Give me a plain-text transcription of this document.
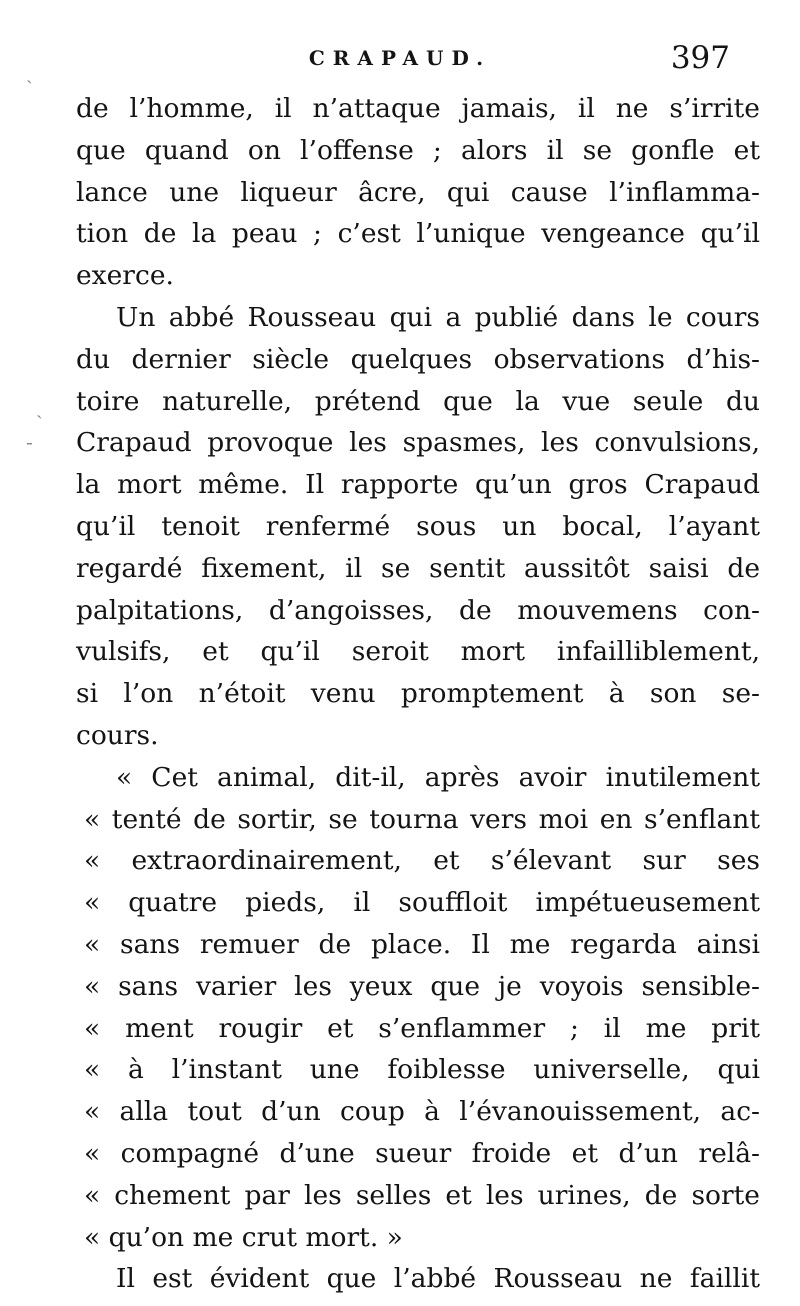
CRAPAUD.	397
de l’homme, il n’attaque jamais, il ne s’irrite
que quand on l’offense ; alors il se gonfle et
lance une liqueur âcre, qui cause l’inflamma-
tion de la peau ; c’est l’unique vengeance qu’il
exerce.
Un abbé Rousseau qui a publié dans le cours
du dernier siècle quelques observations d’his-
toire naturelle, prétend que la vue seule du
Crapaud provoque les spasmes, les convulsions,
la mort même. Il rapporte qu’un gros Crapaud
qu’il tenoit renfermé sous un bocal, l’ayant
regardé fixement, il se sentit aussitôt saisi de
palpitations, d’angoisses, de mouvemens con-
vulsifs, et qu’il seroit mort infailliblement,
si l’on n’étoit venu promptement à son se-
cours.
« Cet animal, dit-il, après avoir inutilement
« tenté de sortir, se tourna vers moi en s’enflant
« extraordinairement, et s’élevant sur ses
« quatre pieds, il souffloit impétueusement
« sans remuer de place. Il me regarda ainsi
« sans varier les yeux que je voyois sensible-
« ment rougir et s’enflammer ; il me prit
« à l’instant une foiblesse universelle, qui
« alla tout d’un coup à l’évanouissement, ac-
« compagné d’une sueur froide et d’un relâ-
« chement par les selles et les urines, de sorte
« qu’on me crut mort. »
Il est évident que l’abbé Rousseau ne faillit
ˏ
ˏ
-
